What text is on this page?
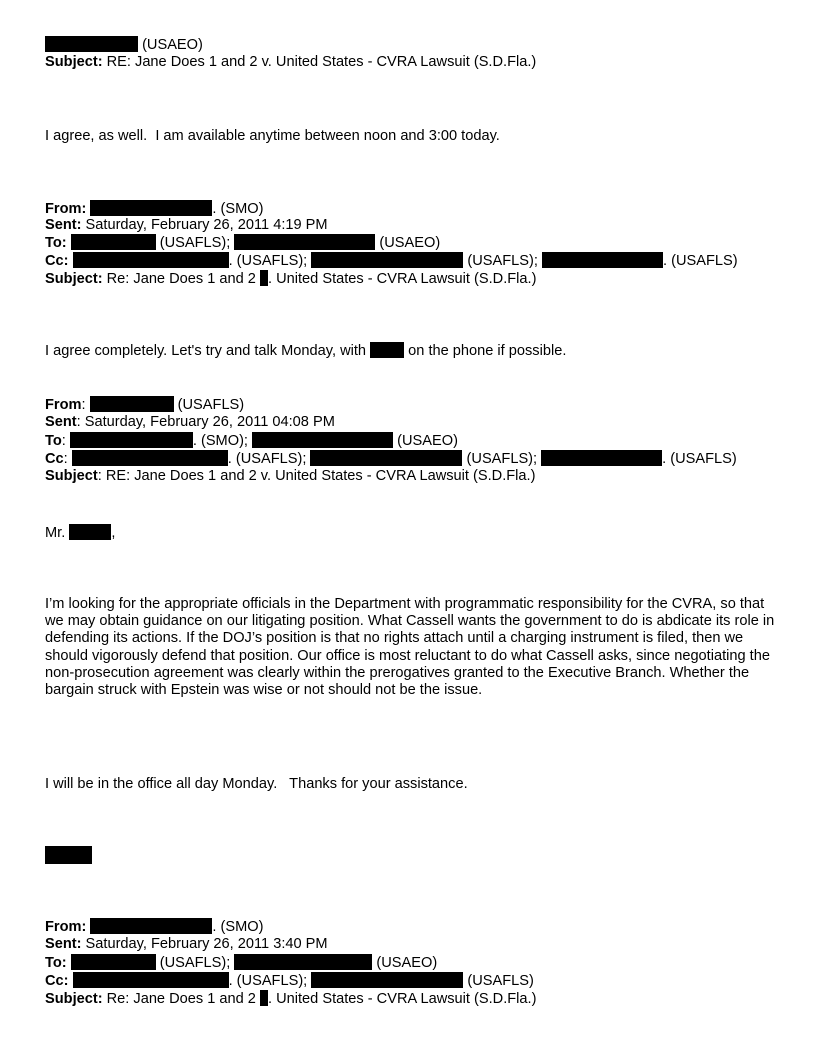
(USAEO)
Subject: RE: Jane Does 1 and 2 v. United States - CVRA Lawsuit (S.D.Fla.)
I agree, as well.  I am available anytime between noon and 3:00 today.
From:	. (SMO)
Sent: Saturday, February 26, 2011 4:19 PM
To:	(USAFLS);	(USAEO)
Cc:	. (USAFLS);	(USAFLS);	. (USAFLS)
Subject: Re: Jane Does 1 and 2 . United States - CVRA Lawsuit (S.D.Fla.)
I agree completely. Let's try and talk Monday, with	on the phone if possible.
From:	(USAFLS)
Sent: Saturday, February 26, 2011 04:08 PM
To:	. (SMO);	(USAEO)
Cc:	. (USAFLS);	(USAFLS);	. (USAFLS)
Subject: RE: Jane Does 1 and 2 v. United States - CVRA Lawsuit (S.D.Fla.)
Mr.	,
I’m looking for the appropriate officials in the Department with programmatic responsibility for the CVRA, so that we may obtain guidance on our litigating position. What Cassell wants the government to do is abdicate its role in defending its actions. If the DOJ’s position is that no rights attach until a charging instrument is filed, then we should vigorously defend that position. Our office is most reluctant to do what Cassell asks, since negotiating the non-prosecution agreement was clearly within the prerogatives granted to the Executive Branch. Whether the bargain struck with Epstein was wise or not should not be the issue.
I will be in the office all day Monday.   Thanks for your assistance.
From:	. (SMO)
Sent: Saturday, February 26, 2011 3:40 PM
To:	(USAFLS);	(USAEO)
Cc:	. (USAFLS);	(USAFLS)
Subject: Re: Jane Does 1 and 2 . United States - CVRA Lawsuit (S.D.Fla.)
